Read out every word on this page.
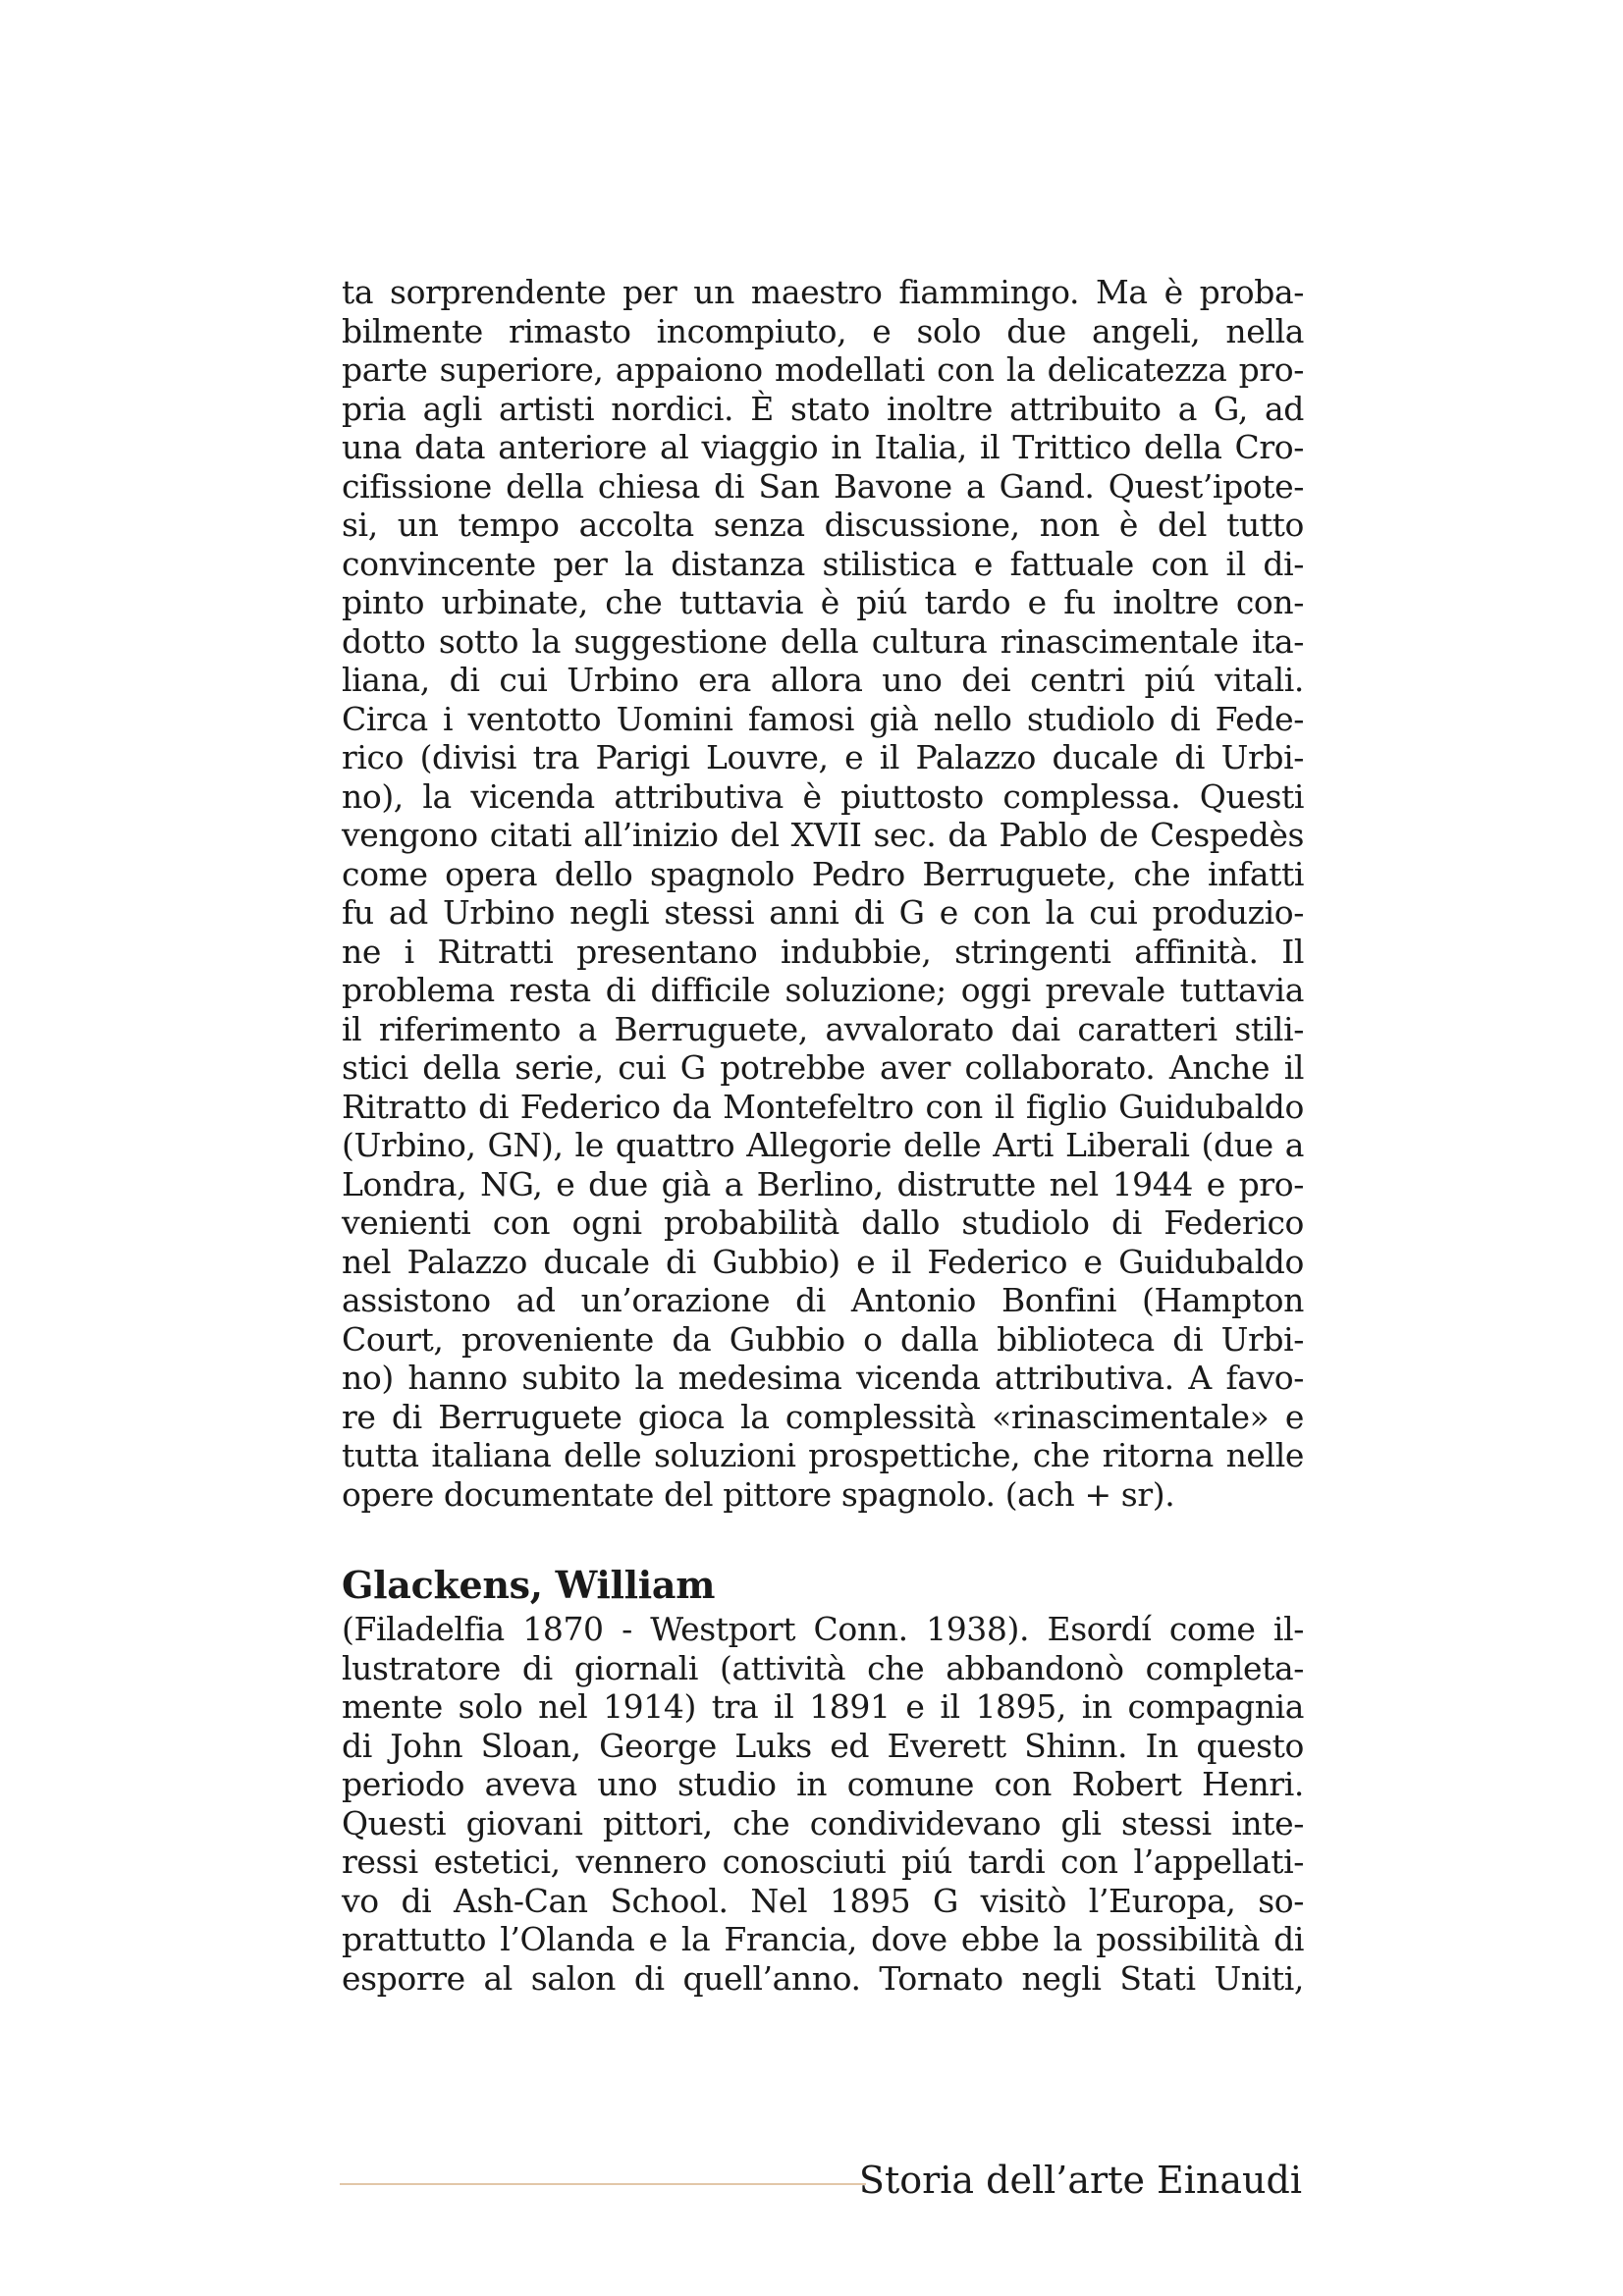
ta sorprendente per un maestro fiammingo. Ma è proba-
bilmente rimasto incompiuto, e solo due angeli, nella
parte superiore, appaiono modellati con la delicatezza pro-
pria agli artisti nordici. È stato inoltre attribuito a G, ad
una data anteriore al viaggio in Italia, il Trittico della Cro-
cifissione della chiesa di San Bavone a Gand. Quest’ipote-
si, un tempo accolta senza discussione, non è del tutto
convincente per la distanza stilistica e fattuale con il di-
pinto urbinate, che tuttavia è piú tardo e fu inoltre con-
dotto sotto la suggestione della cultura rinascimentale ita-
liana, di cui Urbino era allora uno dei centri piú vitali.
Circa i ventotto Uomini famosi già nello studiolo di Fede-
rico (divisi tra Parigi Louvre, e il Palazzo ducale di Urbi-
no), la vicenda attributiva è piuttosto complessa. Questi
vengono citati all’inizio del XVII sec. da Pablo de Cespedès
come opera dello spagnolo Pedro Berruguete, che infatti
fu ad Urbino negli stessi anni di G e con la cui produzio-
ne i Ritratti presentano indubbie, stringenti affinità. Il
problema resta di difficile soluzione; oggi prevale tuttavia
il riferimento a Berruguete, avvalorato dai caratteri stili-
stici della serie, cui G potrebbe aver collaborato. Anche il
Ritratto di Federico da Montefeltro con il figlio Guidubaldo
(Urbino, GN), le quattro Allegorie delle Arti Liberali (due a
Londra, NG, e due già a Berlino, distrutte nel 1944 e pro-
venienti con ogni probabilità dallo studiolo di Federico
nel Palazzo ducale di Gubbio) e il Federico e Guidubaldo
assistono ad un’orazione di Antonio Bonfini (Hampton
Court, proveniente da Gubbio o dalla biblioteca di Urbi-
no) hanno subito la medesima vicenda attributiva. A favo-
re di Berruguete gioca la complessità «rinascimentale» e
tutta italiana delle soluzioni prospettiche, che ritorna nelle
opere documentate del pittore spagnolo. (ach + sr).
Glackens, William
(Filadelfia 1870 - Westport Conn. 1938). Esordí come il-
lustratore di giornali (attività che abbandonò completa-
mente solo nel 1914) tra il 1891 e il 1895, in compagnia
di John Sloan, George Luks ed Everett Shinn. In questo
periodo aveva uno studio in comune con Robert Henri.
Questi giovani pittori, che condividevano gli stessi inte-
ressi estetici, vennero conosciuti piú tardi con l’appellati-
vo di Ash-Can School. Nel 1895 G visitò l’Europa, so-
prattutto l’Olanda e la Francia, dove ebbe la possibilità di
esporre al salon di quell’anno. Tornato negli Stati Uniti,
Storia dell’arte Einaudi
